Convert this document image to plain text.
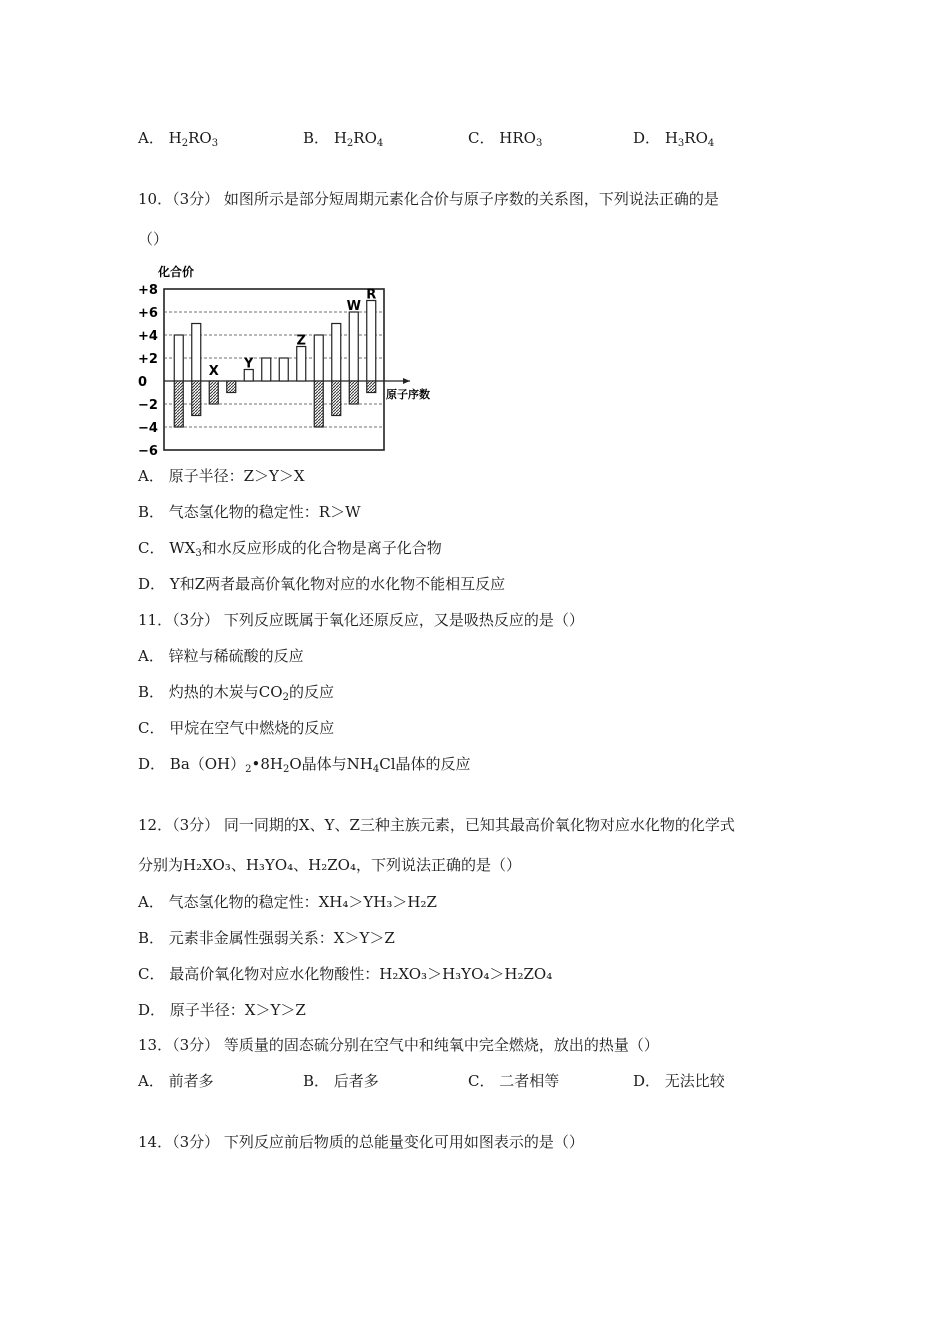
A． $H_2RO_3$	B． $H_2RO_4$	C． $HRO_3$	D． $H_3RO_4$
10．（3分） 如图所示是部分短周期元素化合价与原子序数的关系图，下列说法正确的是
（）
化合价
原子序数
+8
+6
+4
+2
0
−2
−4
−6
X Y
Z
W
R
A． 原子半径：Z＞Y＞X
B． 气态氢化物的稳定性：R＞W
C． $WX_3$和水反应形成的化合物是离子化合物
D． Y和Z两者最高价氧化物对应的水化物不能相互反应
11．（3分） 下列反应既属于氧化还原反应，又是吸热反应的是（）
A． 锌粒与稀硫酸的反应
B． 灼热的木炭与$CO_2$的反应
C． 甲烷在空气中燃烧的反应
D． $Ba(OH)_2•8H_2O$晶体与$NH_4Cl$晶体的反应
12．（3分） 同一同期的X、Y、Z三种主族元素，已知其最高价氧化物对应水化物的化学式
分别为H₂XO₃、H₃YO₄、H₂ZO₄，下列说法正确的是（）
A． 气态氢化物的稳定性：XH₄＞YH₃＞H₂Z
B． 元素非金属性强弱关系：X＞Y＞Z
C． 最高价氧化物对应水化物酸性：H₂XO₃＞H₃YO₄＞H₂ZO₄
D． 原子半径：X＞Y＞Z
13．（3分） 等质量的固态硫分别在空气中和纯氧中完全燃烧，放出的热量（）
A． 前者多	B． 后者多	C． 二者相等	D． 无法比较
14．（3分） 下列反应前后物质的总能量变化可用如图表示的是（）
